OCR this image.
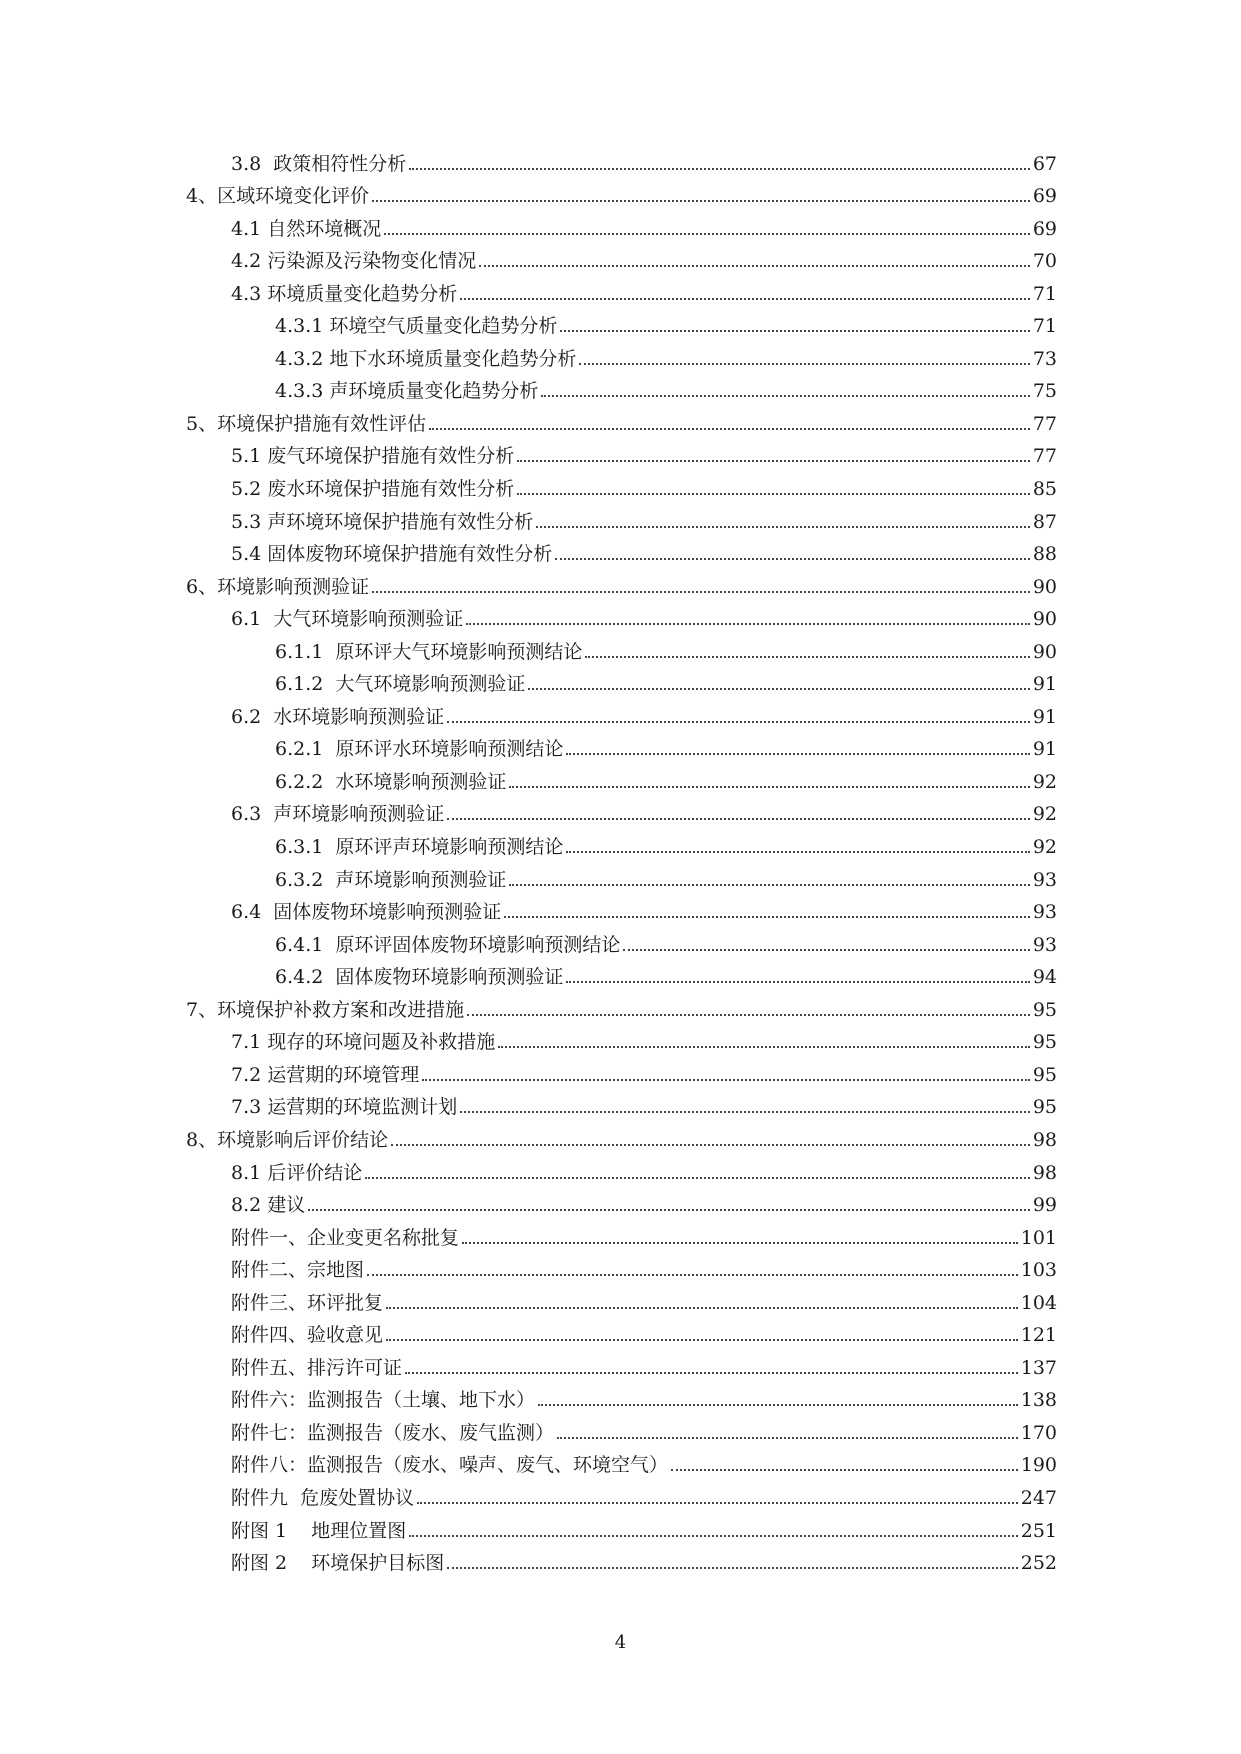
3.8  政策相符性分析	67
4、区域环境变化评价	69
4.1 自然环境概况	69
4.2 污染源及污染物变化情况	70
4.3 环境质量变化趋势分析	71
4.3.1 环境空气质量变化趋势分析	71
4.3.2 地下水环境质量变化趋势分析	73
4.3.3 声环境质量变化趋势分析	75
5、环境保护措施有效性评估	77
5.1 废气环境保护措施有效性分析	77
5.2 废水环境保护措施有效性分析	85
5.3 声环境环境保护措施有效性分析	87
5.4 固体废物环境保护措施有效性分析	88
6、环境影响预测验证	90
6.1  大气环境影响预测验证	90
6.1.1  原环评大气环境影响预测结论	90
6.1.2  大气环境影响预测验证	91
6.2  水环境影响预测验证	91
6.2.1  原环评水环境影响预测结论	91
6.2.2  水环境影响预测验证	92
6.3  声环境影响预测验证	92
6.3.1  原环评声环境影响预测结论	92
6.3.2  声环境影响预测验证	93
6.4  固体废物环境影响预测验证	93
6.4.1  原环评固体废物环境影响预测结论	93
6.4.2  固体废物环境影响预测验证	94
7、环境保护补救方案和改进措施	95
7.1 现存的环境问题及补救措施	95
7.2 运营期的环境管理	95
7.3 运营期的环境监测计划	95
8、环境影响后评价结论	98
8.1 后评价结论	98
8.2 建议	99
附件一、企业变更名称批复	101
附件二、宗地图	103
附件三、环评批复	104
附件四、验收意见	121
附件五、排污许可证	137
附件六：监测报告（土壤、地下水）	138
附件七：监测报告（废水、废气监测）	170
附件八：监测报告（废水、噪声、废气、环境空气）	190
附件九  危废处置协议	247
附图 1    地理位置图	251
附图 2    环境保护目标图	252
4
